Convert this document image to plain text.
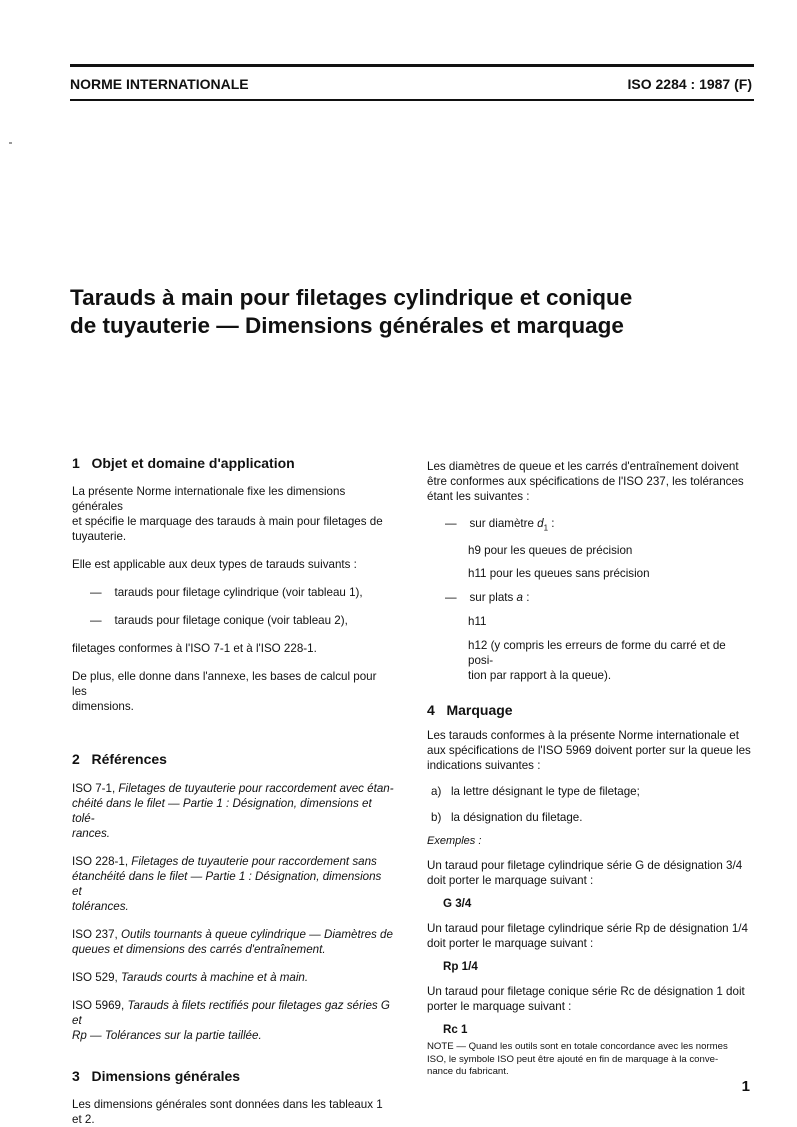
NORME INTERNATIONALE	ISO 2284 : 1987 (F)
Tarauds à main pour filetages cylindrique et conique
de tuyauterie — Dimensions générales et marquage
1   Objet et domaine d'application

La présente Norme internationale fixe les dimensions générales

et spécifie le marquage des tarauds à main pour filetages de

tuyauterie.

Elle est applicable aux deux types de tarauds suivants :

— tarauds pour filetage cylindrique (voir tableau 1),

— tarauds pour filetage conique (voir tableau 2),

filetages conformes à l'ISO 7-1 et à l'ISO 228-1.

De plus, elle donne dans l'annexe, les bases de calcul pour les

dimensions.

2   Références

ISO 7-1, Filetages de tuyauterie pour raccordement avec étan-

chéité dans le filet — Partie 1 : Désignation, dimensions et tolé-

rances.

ISO 228-1, Filetages de tuyauterie pour raccordement sans

étanchéité dans le filet — Partie 1 : Désignation, dimensions et

tolérances.

ISO 237, Outils tournants à queue cylindrique — Diamètres de

queues et dimensions des carrés d'entraînement.

ISO 529, Tarauds courts à machine et à main.

ISO 5969, Tarauds à filets rectifiés pour filetages gaz séries G et

Rp — Tolérances sur la partie taillée.

3   Dimensions générales

Les dimensions générales sont données dans les tableaux 1

et 2.

Les diamètres de queue et les carrés d'entraînement doivent

être conformes aux spécifications de l'ISO 237, les tolérances

étant les suivantes :

— sur diamètre $d_1$ :

h9 pour les queues de précision

h11 pour les queues sans précision

— sur plats a :

h11

h12 (y compris les erreurs de forme du carré et de posi-

tion par rapport à la queue).

4   Marquage

Les tarauds conformes à la présente Norme internationale et

aux spécifications de l'ISO 5969 doivent porter sur la queue les

indications suivantes :

a) la lettre désignant le type de filetage;

b) la désignation du filetage.

Exemples :

Un taraud pour filetage cylindrique série G de désignation 3/4

doit porter le marquage suivant :

G 3/4

Un taraud pour filetage cylindrique série Rp de désignation 1/4

doit porter le marquage suivant :

Rp 1/4

Un taraud pour filetage conique série Rc de désignation 1 doit

porter le marquage suivant :

Rc 1

NOTE — Quand les outils sont en totale concordance avec les normes

ISO, le symbole ISO peut être ajouté en fin de marquage à la conve-

nance du fabricant.

1
